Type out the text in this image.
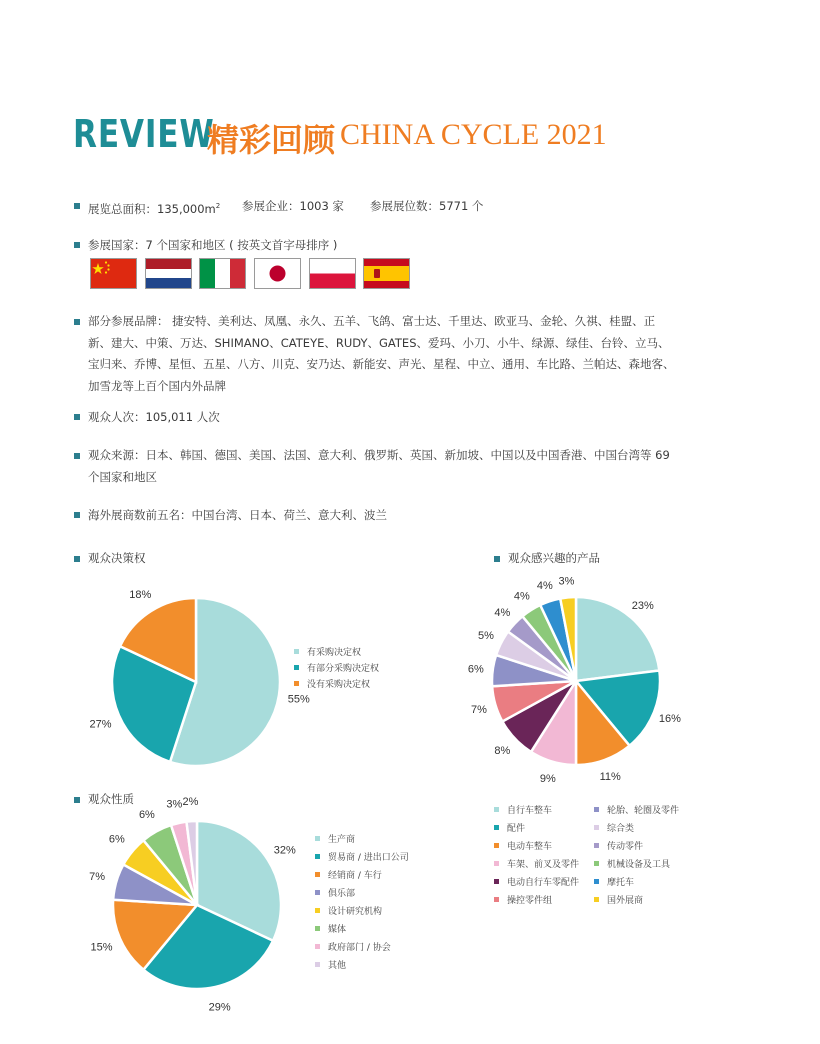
REVIEW
精彩回顾 CHINA CYCLE 2021
展览总面积：$135,000m^2$ 参展企业：1003 家 参展展位数：5771 个
参展国家：7 个国家和地区 ( 按英文首字母排序 )
部分参展品牌： 捷安特、美利达、凤凰、永久、五羊、飞鸽、富士达、千里达、欧亚马、金轮、久祺、桂盟、正新、建大、中策、万达、SHIMANO、CATEYE、RUDY、GATES、爱玛、小刀、小牛、绿源、绿佳、台铃、立马、宝归来、乔博、星恒、五星、八方、川克、安乃达、新能安、声光、星程、中立、通用、车比路、兰帕达、森地客、加雪龙等上百个国内外品牌
观众人次：105,011 人次
观众来源：日本、韩国、德国、美国、法国、意大利、俄罗斯、英国、新加坡、中国以及中国香港、中国台湾等 69 个国家和地区
海外展商数前五名：中国台湾、日本、荷兰、意大利、波兰
观众决策权	观众感兴趣的产品
观众性质
55%
27%
18%
23%
16%
11%
9%
8%
7%
6%
5%
4%
4%
4% 3%
32%
29%
15%
7%
6%
6%
3% 2%
有采购决定权
有部分采购决定权
没有采购决定权
自行车整车	轮胎、轮圈及零件
配件	综合类
电动车整车	传动零件
车架、前叉及零件	机械设备及工具
电动自行车零配件	摩托车
操控零件组	国外展商
生产商
贸易商 / 进出口公司
经销商 / 车行
俱乐部
设计研究机构
媒体
政府部门 / 协会
其他
